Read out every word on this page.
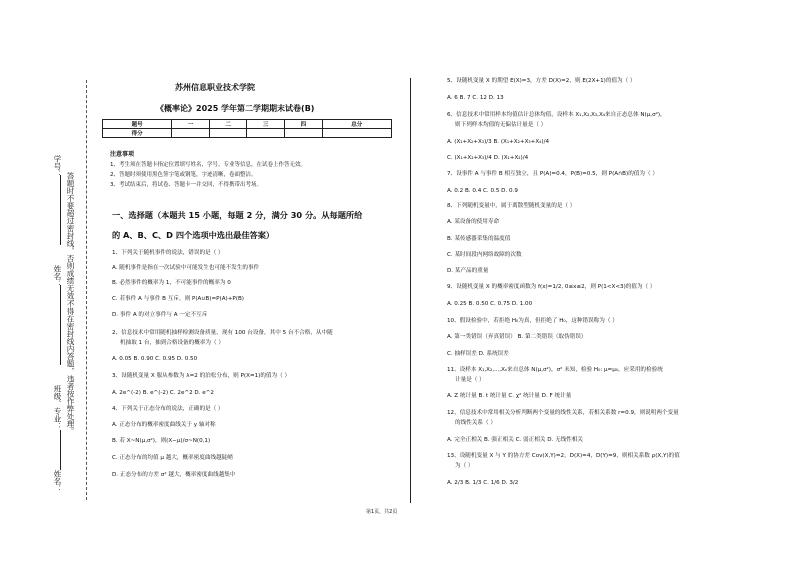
学号：
答题时不要超过密封线，否则成绩无效。
姓名：
不得在密封线内答题，违者按作弊处理。
班级、专业：
姓名：
苏州信息职业技术学院
《概率论》2025 学年第二学期期末试卷(B)
题号	一	二	三	四	总分
得分					
注意事项
1、考生须在答题卡指定位置填写姓名、学号、专业等信息，在试卷上作答无效。
2、答题时须使用黑色签字笔或钢笔，字迹清晰，卷面整洁。
3、考试结束后，将试卷、答题卡一并交回，不得携带出考场。
一、选择题（本题共 15 小题，每题 2 分，满分 30 分。从每题所给
的 A、B、C、D 四个选项中选出最佳答案）
1、下列关于随机事件的说法，错误的是（ ）
A. 随机事件是指在一次试验中可能发生也可能不发生的事件
B. 必然事件的概率为 1，不可能事件的概率为 0
C. 若事件 A 与事件 B 互斥，则 P(A∪B)=P(A)+P(B)
D. 事件 A 的对立事件与 A 一定不互斥
2、信息技术中常用随机抽样检测设备质量，现有 100 台设备，其中 5 台不合格，从中随
机抽取 1 台，抽到合格设备的概率为（ ）
A. 0.05 B. 0.90 C. 0.95 D. 0.50
3、设随机变量 X 服从参数为 λ=2 的泊松分布，则 P(X=1)的值为（ ）
A. 2e^(-2) B. e^(-2) C. 2e^2 D. e^2
4、下列关于正态分布的说法，正确的是（ ）
A. 正态分布的概率密度曲线关于 y 轴对称
B. 若 X~N(μ,σ²)，则(X−μ)/σ~N(0,1)
C. 正态分布的均值 μ 越大，概率密度曲线越陡峭
D. 正态分布的方差 σ² 越大，概率密度曲线越集中
5、设随机变量 X 的期望 E(X)=3，方差 D(X)=2，则 E(2X+1)的值为（ ）
A. 6 B. 7 C. 12 D. 13
6、信息技术中常用样本均值估计总体均值，设样本 X₁,X₂,X₃,X₄来自正态总体 N(μ,σ²)，
则下列样本均值的无偏估计量是（ ）
A. (X₁+X₂+X₃)/3 B. (X₁+X₂+X₃+X₄)/4
C. (X₁+X₂+X₃)/4 D. (X₁+X₂)/4
7、设事件 A 与事件 B 相互独立，且 P(A)=0.4，P(B)=0.5，则 P(A∩B)的值为（ ）
A. 0.2 B. 0.4 C. 0.5 D. 0.9
8、下列随机变量中，属于离散型随机变量的是（ ）
A. 某设备的使用寿命
B. 某传感器采集的温度值
C. 某时间段内网络故障的次数
D. 某产品的重量
9、设随机变量 X 的概率密度函数为 f(x)=1/2, 0≤x≤2，则 P(1<X<3)的值为（ ）
A. 0.25 B. 0.50 C. 0.75 D. 1.00
10、假设检验中，若拒绝 H₀为真，但拒绝了 H₀，这种错误称为（ ）
A. 第一类错误（弃真错误） B. 第二类错误（取伪错误）
C. 抽样误差 D. 系统误差
11、设样本 X₁,X₂,...,Xₙ来自总体 N(μ,σ²)，σ² 未知，检验 H₀: μ=μ₀，应采用的检验统
计量是（ ）
A. Z 统计量 B. t 统计量 C. χ² 统计量 D. F 统计量
12、信息技术中常用相关分析判断两个变量的线性关系，若相关系数 r=0.9，则说明两个变量
的线性关系（ ）
A. 完全正相关 B. 强正相关 C. 弱正相关 D. 无线性相关
13、设随机变量 X 与 Y 的协方差 Cov(X,Y)=2，D(X)=4，D(Y)=9，则相关系数 ρ(X,Y)的值
为（ ）
A. 2/3 B. 1/3 C. 1/6 D. 3/2
第1页，共2页
